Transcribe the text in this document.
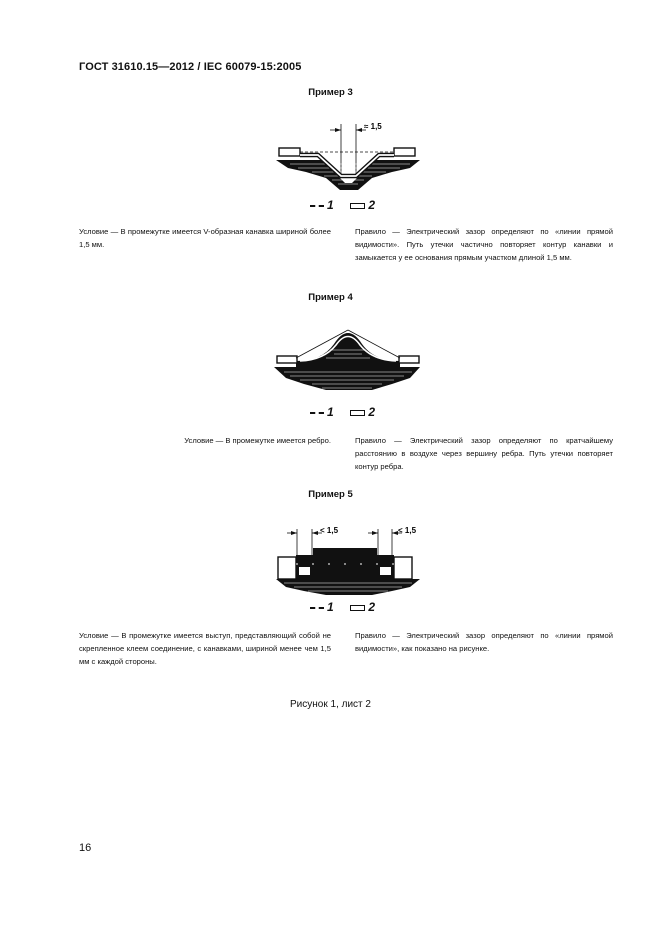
ГОСТ 31610.15—2012 / IEC 60079-15:2005
Пример 3
≈ 1,5
1	2
Условие — В промежутке имеется V-образная канавка шириной более 1,5 мм.
Правило — Электрический зазор определяют по «линии прямой видимости». Путь утечки частично повторяет контур канавки и замыкается у ее основания прямым участком длиной 1,5 мм.
Пример 4
1	2
Условие — В промежутке имеется ребро.	Правило — Электрический зазор определяют по кратчайшему расстоянию в воздухе через вершину ребра. Путь утечки повторяет контур ребра.
Пример 5
< 1,5	< 1,5
1	2
Условие — В промежутке имеется выступ, представляющий собой не скрепленное клеем соединение, с канавками, шириной менее чем 1,5 мм с каждой стороны.
Правило — Электрический зазор определяют по «линии прямой видимости», как показано на рисунке.
Рисунок 1, лист 2
16
